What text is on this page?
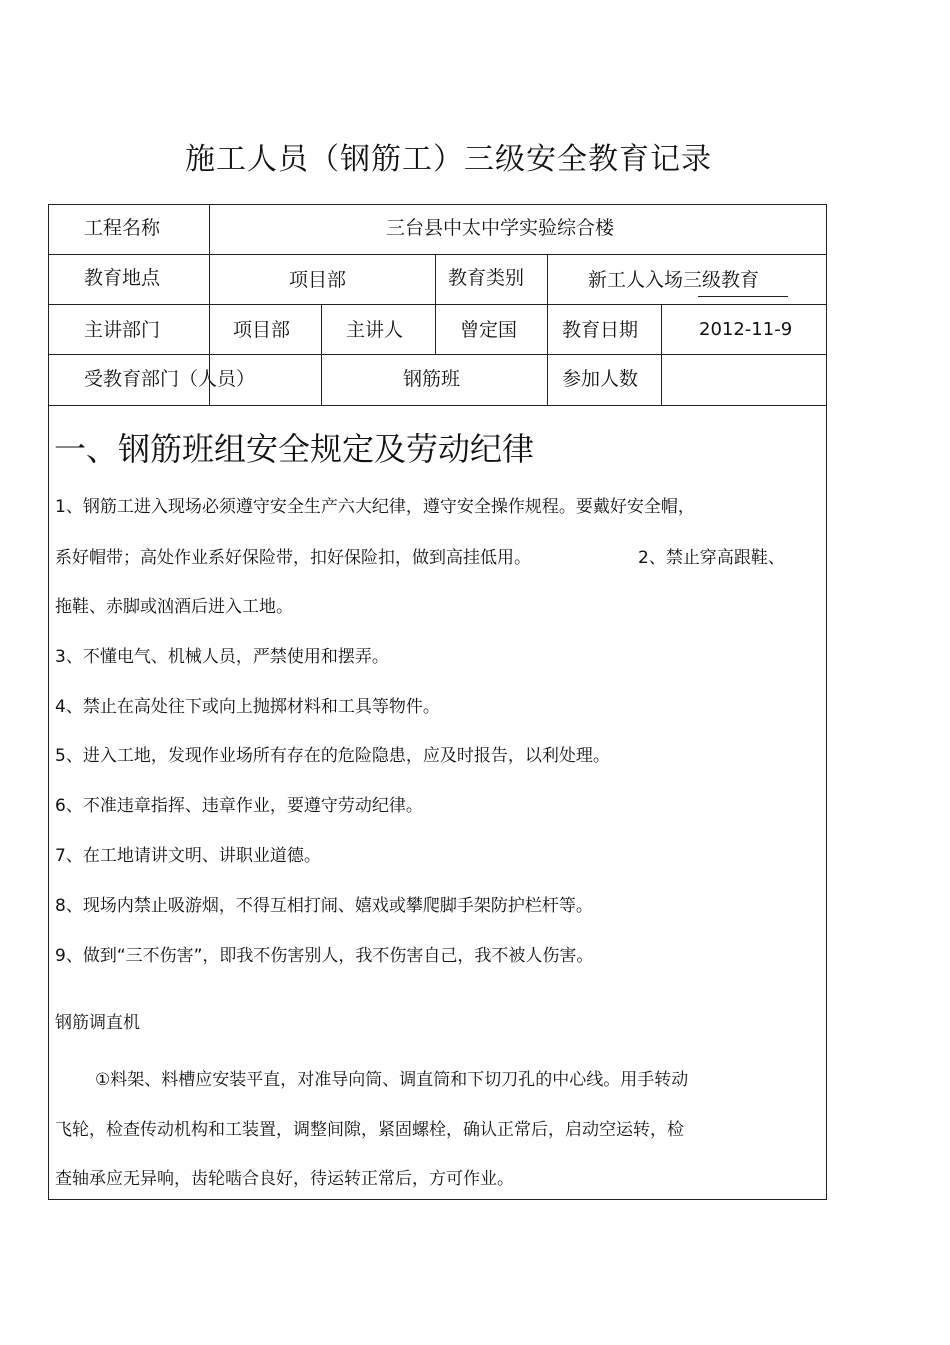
施工人员（钢筋工）三级安全教育记录
工程名称	三台县中太中学实验综合楼
教育地点	项目部	教育类别	新工人入场三级教育
主讲部门	项目部	主讲人	曾定国 教育日期	2012-11-9
受教育部门（人员）	钢筋班	参加人数
一、钢筋班组安全规定及劳动纪律
1、钢筋工进入现场必须遵守安全生产六大纪律，遵守安全操作规程。要戴好安全帽，
系好帽带；高处作业系好保险带，扣好保险扣，做到高挂低用。	2、禁止穿高跟鞋、
拖鞋、赤脚或汹酒后进入工地。
3、不懂电气、机械人员，严禁使用和摆弄。
4、禁止在高处往下或向上抛掷材料和工具等物件。
5、进入工地，发现作业场所有存在的危险隐患，应及时报告，以利处理。
6、不准违章指挥、违章作业，要遵守劳动纪律。
7、在工地请讲文明、讲职业道德。
8、现场内禁止吸游烟，不得互相打闹、嬉戏或攀爬脚手架防护栏杆等。
9、做到“三不伤害”，即我不伤害别人，我不伤害自己，我不被人伤害。
钢筋调直机
①料架、料槽应安装平直，对准导向筒、调直筒和下切刀孔的中心线。用手转动
飞轮，检查传动机构和工装置，调整间隙，紧固螺栓，确认正常后，启动空运转，检
查轴承应无异响，齿轮啮合良好，待运转正常后，方可作业。
